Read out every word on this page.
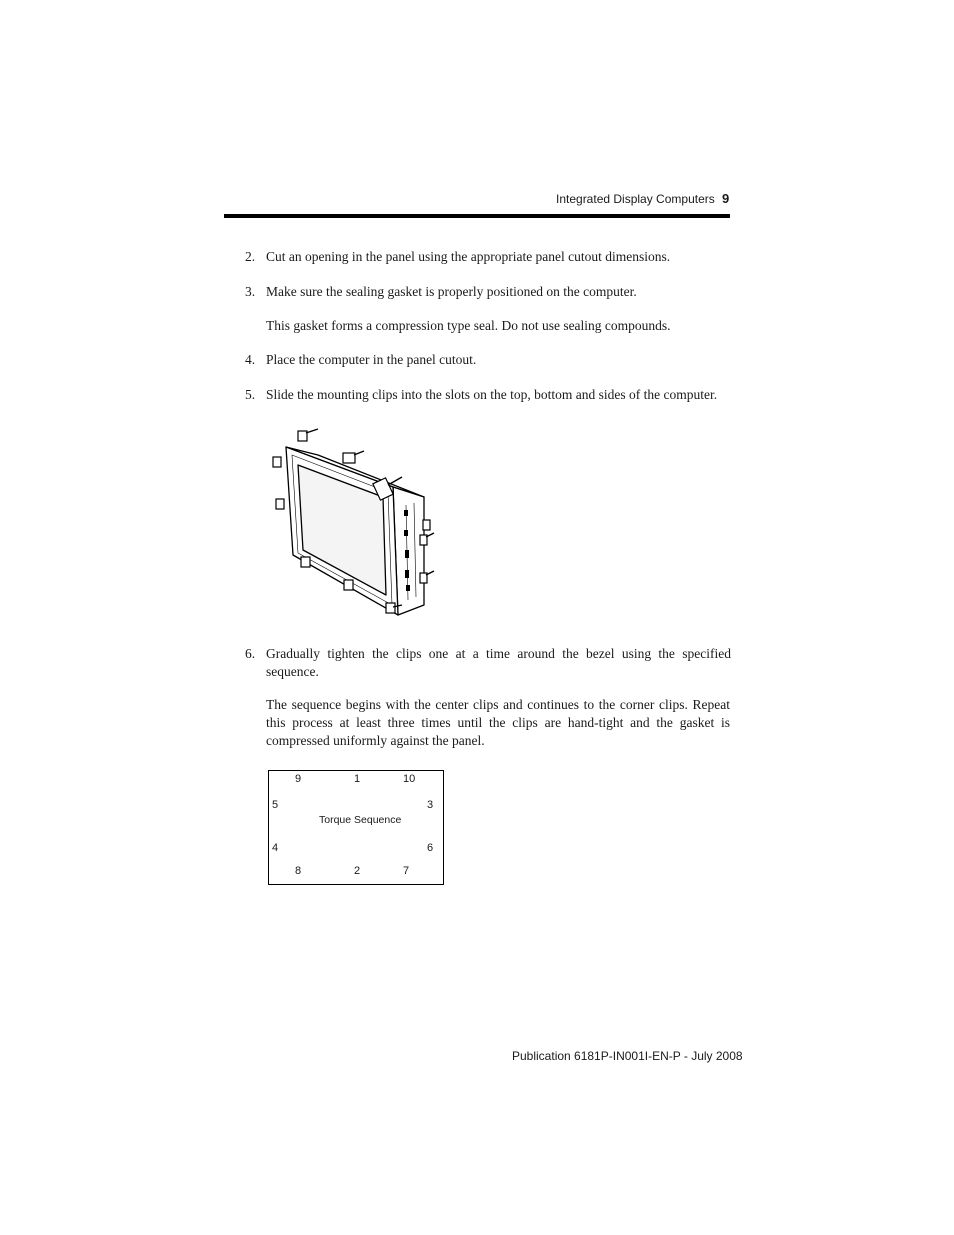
Integrated Display Computers 9
2. Cut an opening in the panel using the appropriate panel cutout dimensions.
3. Make sure the sealing gasket is properly positioned on the computer.
This gasket forms a compression type seal. Do not use sealing compounds.
4. Place the computer in the panel cutout.
5. Slide the mounting clips into the slots on the top, bottom and sides of the computer.
6. Gradually tighten the clips one at a time around the bezel using the specified sequence.
The sequence begins with the center clips and continues to the corner clips. Repeat this process at least three times until the clips are hand-tight and the gasket is compressed uniformly against the panel.
9	1	10
5	3
Torque Sequence
4	6
8	2	7
Publication 6181P-IN001I-EN-P - July 2008
